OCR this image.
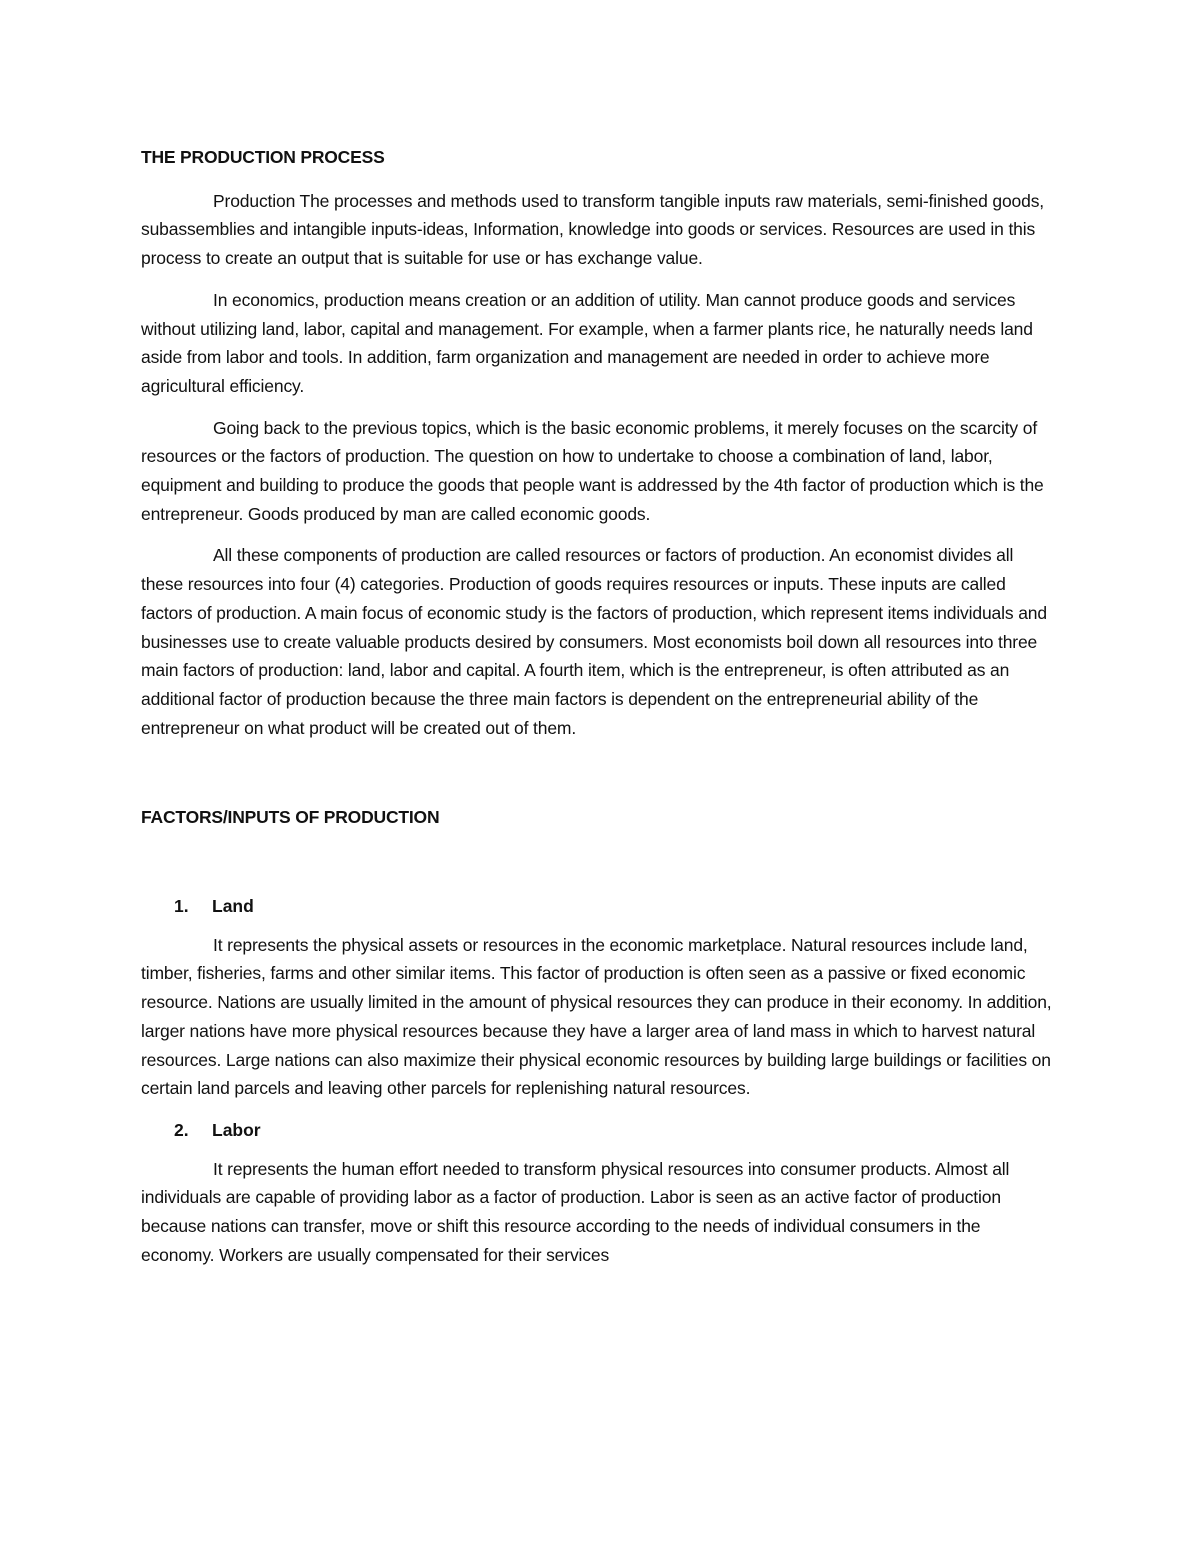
THE PRODUCTION PROCESS

Production The processes and methods used to transform tangible inputs raw materials, semi-finished goods, subassemblies and intangible inputs-ideas, Information, knowledge into goods or services. Resources are used in this process to create an output that is suitable for use or has exchange value.

In economics, production means creation or an addition of utility. Man cannot produce goods and services without utilizing land, labor, capital and management. For example, when a farmer plants rice, he naturally needs land aside from labor and tools. In addition, farm organization and management are needed in order to achieve more agricultural efficiency.

Going back to the previous topics, which is the basic economic problems, it merely focuses on the scarcity of resources or the factors of production. The question on how to undertake to choose a combination of land, labor, equipment and building to produce the goods that people want is addressed by the 4th factor of production which is the entrepreneur. Goods produced by man are called economic goods.

All these components of production are called resources or factors of production. An economist divides all these resources into four (4) categories. Production of goods requires resources or inputs. These inputs are called factors of production. A main focus of economic study is the factors of production, which represent items individuals and businesses use to create valuable products desired by consumers. Most economists boil down all resources into three main factors of production: land, labor and capital. A fourth item, which is the entrepreneur, is often attributed as an additional factor of production because the three main factors is dependent on the entrepreneurial ability of the entrepreneur on what product will be created out of them.

FACTORS/INPUTS OF PRODUCTION
1. Land

It represents the physical assets or resources in the economic marketplace. Natural resources include land, timber, fisheries, farms and other similar items. This factor of production is often seen as a passive or fixed economic resource. Nations are usually limited in the amount of physical resources they can produce in their economy. In addition, larger nations have more physical resources because they have a larger area of land mass in which to harvest natural resources. Large nations can also maximize their physical economic resources by building large buildings or facilities on certain land parcels and leaving other parcels for replenishing natural resources.

2. Labor

It represents the human effort needed to transform physical resources into consumer products. Almost all individuals are capable of providing labor as a factor of production. Labor is seen as an active factor of production because nations can transfer, move or shift this resource according to the needs of individual consumers in the economy. Workers are usually compensated for their services
